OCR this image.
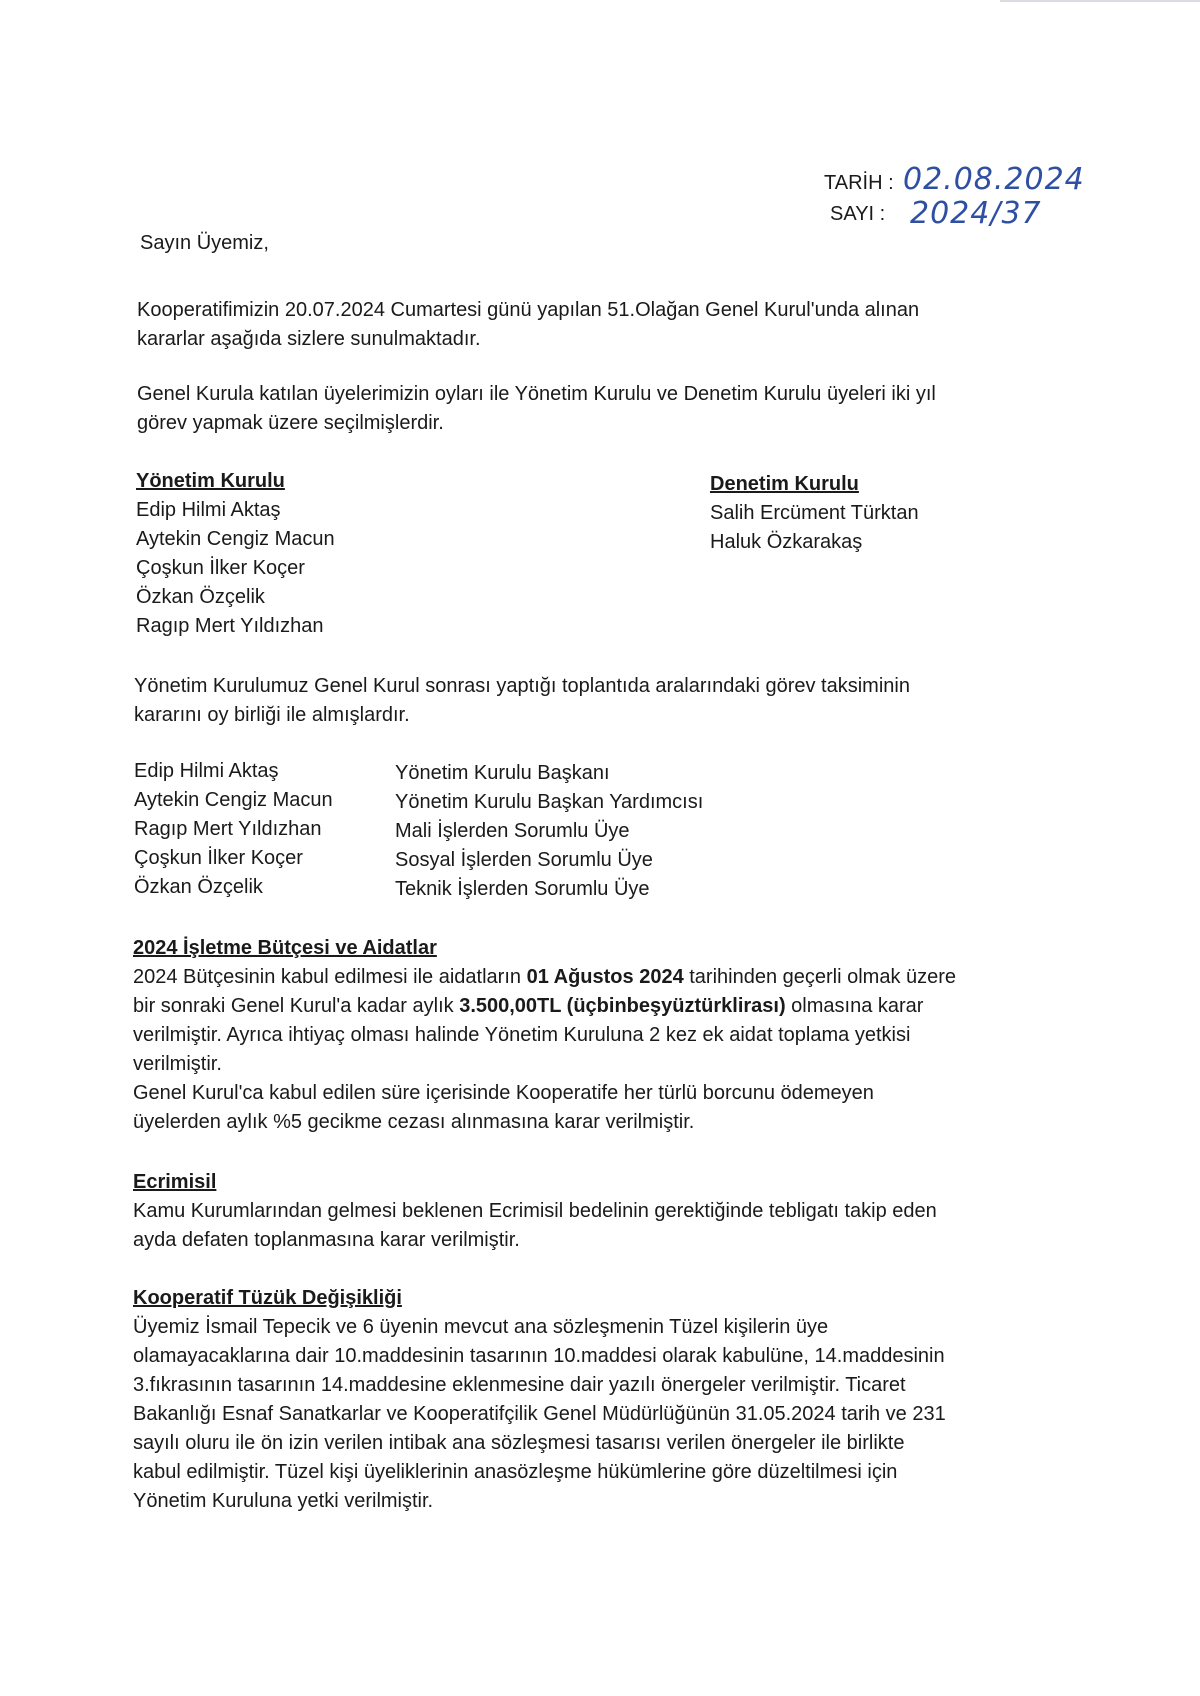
TARİH : 02.08.2024
SAYI : 2024/37
Sayın Üyemiz,

Kooperatifimizin 20.07.2024 Cumartesi günü yapılan 51.Olağan Genel Kurul'unda alınan

kararlar aşağıda sizlere sunulmaktadır.

Genel Kurula katılan üyelerimizin oyları ile Yönetim Kurulu ve Denetim Kurulu üyeleri iki yıl

görev yapmak üzere seçilmişlerdir.

Yönetim Kurulu
Edip Hilmi Aktaş
Aytekin Cengiz Macun
Çoşkun İlker Koçer
Özkan Özçelik
Ragıp Mert Yıldızhan
Denetim Kurulu
Salih Ercüment Türktan
Haluk Özkarakaş

Yönetim Kurulumuz Genel Kurul sonrası yaptığı toplantıda aralarındaki görev taksiminin

kararını oy birliği ile almışlardır.

Edip Hilmi Aktaş
Aytekin Cengiz Macun
Ragıp Mert Yıldızhan
Çoşkun İlker Koçer
Özkan Özçelik
Yönetim Kurulu Başkanı
Yönetim Kurulu Başkan Yardımcısı
Mali İşlerden Sorumlu Üye
Sosyal İşlerden Sorumlu Üye
Teknik İşlerden Sorumlu Üye

2024 İşletme Bütçesi ve Aidatlar

2024 Bütçesinin kabul edilmesi ile aidatların 01 Ağustos 2024 tarihinden geçerli olmak üzere

bir sonraki Genel Kurul'a kadar aylık 3.500,00TL (üçbinbeşyüztürklirası) olmasına karar

verilmiştir. Ayrıca ihtiyaç olması halinde Yönetim Kuruluna 2 kez ek aidat toplama yetkisi

verilmiştir.

Genel Kurul'ca kabul edilen süre içerisinde Kooperatife her türlü borcunu ödemeyen

üyelerden aylık %5 gecikme cezası alınmasına karar verilmiştir.

Ecrimisil

Kamu Kurumlarından gelmesi beklenen Ecrimisil bedelinin gerektiğinde tebligatı takip eden

ayda defaten toplanmasına karar verilmiştir.

Kooperatif Tüzük Değişikliği

Üyemiz İsmail Tepecik ve 6 üyenin mevcut ana sözleşmenin Tüzel kişilerin üye

olamayacaklarına dair 10.maddesinin tasarının 10.maddesi olarak kabulüne, 14.maddesinin

3.fıkrasının tasarının 14.maddesine eklenmesine dair yazılı önergeler verilmiştir. Ticaret

Bakanlığı Esnaf Sanatkarlar ve Kooperatifçilik Genel Müdürlüğünün 31.05.2024 tarih ve 231

sayılı oluru ile ön izin verilen intibak ana sözleşmesi tasarısı verilen önergeler ile birlikte

kabul edilmiştir. Tüzel kişi üyeliklerinin anasözleşme hükümlerine göre düzeltilmesi için

Yönetim Kuruluna yetki verilmiştir.
